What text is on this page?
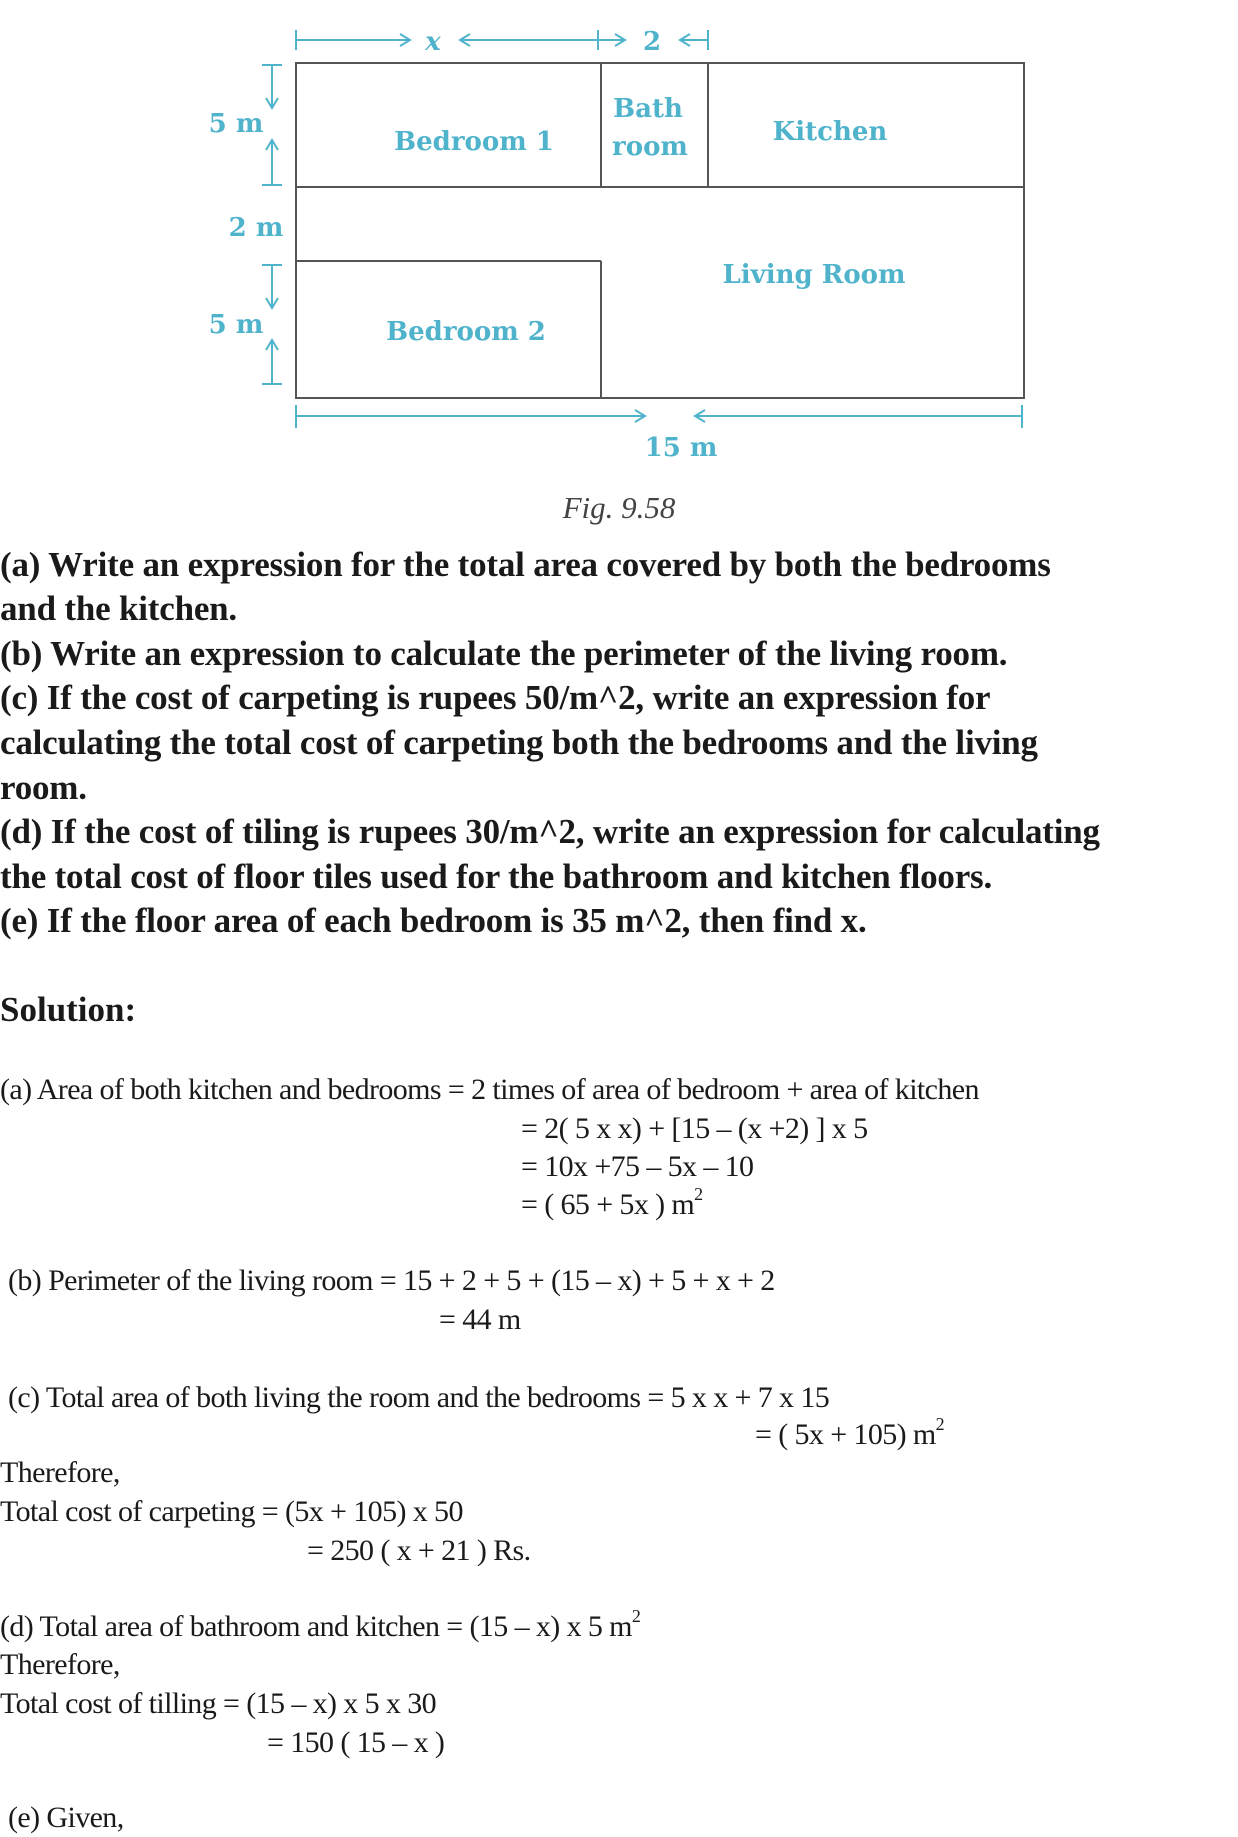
x	2
5 m
2 m
5 m
15 m
Bedroom 1
Bath
room	Kitchen
Living Room
Bedroom 2
Fig. 9.58
(a) Write an expression for the total area covered by both the bedrooms
and the kitchen.
(b) Write an expression to calculate the perimeter of the living room.
(c) If the cost of carpeting is rupees 50/m^2, write an expression for
calculating the total cost of carpeting both the bedrooms and the living
room.
(d) If the cost of tiling is rupees 30/m^2, write an expression for calculating
the total cost of floor tiles used for the bathroom and kitchen floors.
(e) If the floor area of each bedroom is 35 m^2, then find x.
Solution:
(a) Area of both kitchen and bedrooms = 2 times of area of bedroom + area of kitchen
= 2( 5 x x) + [15 – (x +2) ] x 5
= 10x +75 – 5x – 10
= ( 65 + 5x ) $m^2$
(b) Perimeter of the living room = 15 + 2 + 5 + (15 – x) + 5 + x + 2
= 44 m
(c) Total area of both living the room and the bedrooms = 5 x x + 7 x 15
= ( 5x + 105) $m^2$
Therefore,
Total cost of carpeting = (5x + 105) x 50
= 250 ( x + 21 ) Rs.
(d) Total area of bathroom and kitchen = (15 – x) x 5 $m^2$
Therefore,
Total cost of tilling = (15 – x) x 5 x 30
= 150 ( 15 – x )
(e) Given,
